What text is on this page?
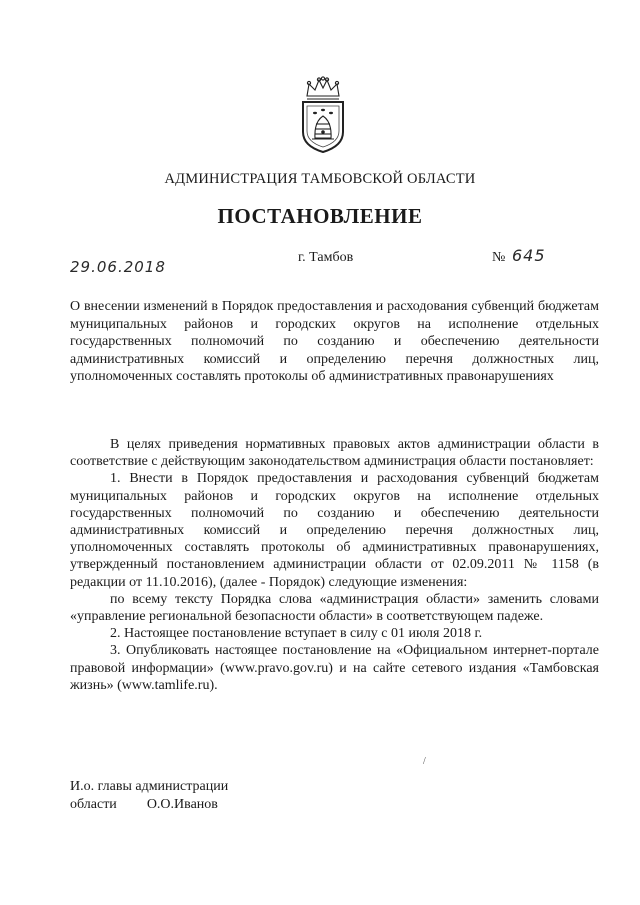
АДМИНИСТРАЦИЯ ТАМБОВСКОЙ ОБЛАСТИ
ПОСТАНОВЛЕНИЕ
29.06.2018
г. Тамбов	№ 645
О внесении изменений в Порядок предоставления и расходования субвенций бюджетам муниципальных районов и городских округов на исполнение отдельных государственных полномочий по созданию и обеспечению деятельности административных комиссий и определению перечня должностных лиц, уполномоченных составлять протоколы об административных правонарушениях

В целях приведения нормативных правовых актов администрации области в соответствие с действующим законодательством администрация области постановляет:

1. Внести в Порядок предоставления и расходования субвенций бюджетам муниципальных районов и городских округов на исполнение отдельных государственных полномочий по созданию и обеспечению деятельности административных комиссий и определению перечня должностных лиц, уполномоченных составлять протоколы об административных правонарушениях, утвержденный постановлением администрации области от 02.09.2011 № 1158 (в редакции от 11.10.2016), (далее - Порядок) следующие изменения:

по всему тексту Порядка слова «администрация области» заменить словами «управление региональной безопасности области» в соответствующем падеже.

2. Настоящее постановление вступает в силу с 01 июля 2018 г.

3. Опубликовать настоящее постановление на «Официальном интернет-портале правовой информации» (www.pravo.gov.ru) и на сайте сетевого издания «Тамбовская жизнь» (www.tamlife.ru).

/
И.о. главы администрации
области О.О.Иванов
